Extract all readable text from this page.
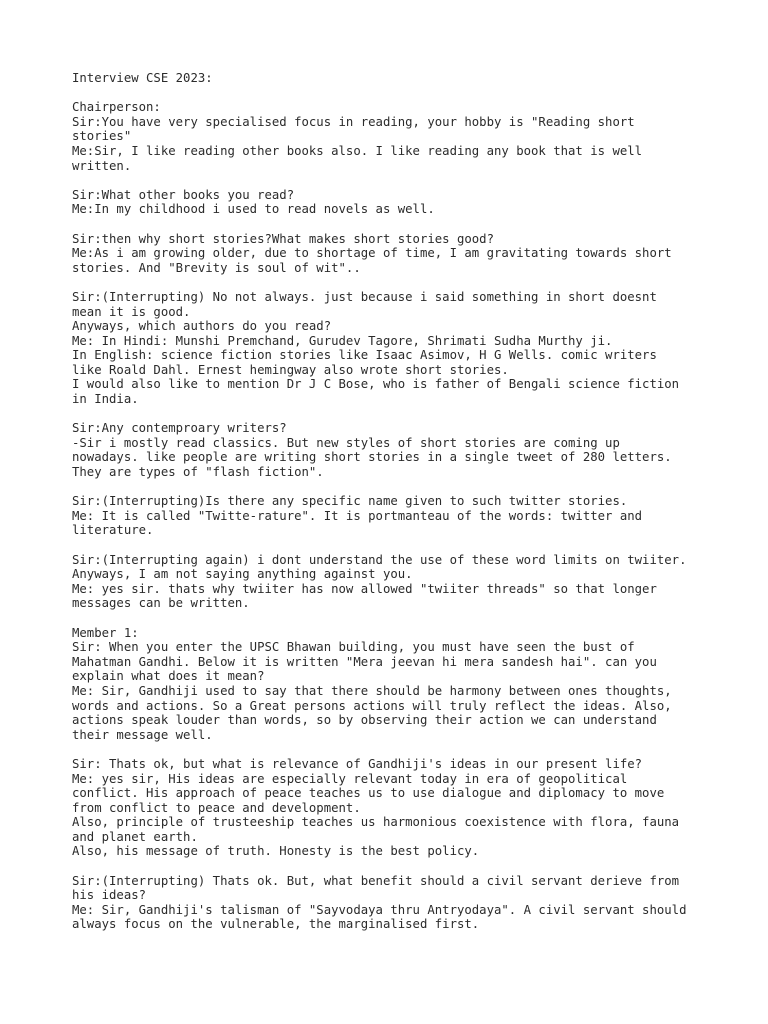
Interview CSE 2023:
Chairperson:
Sir:You have very specialised focus in reading, your hobby is "Reading short
stories"
Me:Sir, I like reading other books also. I like reading any book that is well
written.
Sir:What other books you read?
Me:In my childhood i used to read novels as well.
Sir:then why short stories?What makes short stories good?
Me:As i am growing older, due to shortage of time, I am gravitating towards short
stories. And "Brevity is soul of wit"..
Sir:(Interrupting) No not always. just because i said something in short doesnt
mean it is good.
Anyways, which authors do you read?
Me: In Hindi: Munshi Premchand, Gurudev Tagore, Shrimati Sudha Murthy ji.
In English: science fiction stories like Isaac Asimov, H G Wells. comic writers
like Roald Dahl. Ernest hemingway also wrote short stories.
I would also like to mention Dr J C Bose, who is father of Bengali science fiction
in India.
Sir:Any contemproary writers?
-Sir i mostly read classics. But new styles of short stories are coming up
nowadays. like people are writing short stories in a single tweet of 280 letters.
They are types of "flash fiction".
Sir:(Interrupting)Is there any specific name given to such twitter stories.
Me: It is called "Twitte-rature". It is portmanteau of the words: twitter and
literature.
Sir:(Interrupting again) i dont understand the use of these word limits on twiiter.
Anyways, I am not saying anything against you.
Me: yes sir. thats why twiiter has now allowed "twiiter threads" so that longer
messages can be written.
Member 1:
Sir: When you enter the UPSC Bhawan building, you must have seen the bust of
Mahatman Gandhi. Below it is written "Mera jeevan hi mera sandesh hai". can you
explain what does it mean?
Me: Sir, Gandhiji used to say that there should be harmony between ones thoughts,
words and actions. So a Great persons actions will truly reflect the ideas. Also,
actions speak louder than words, so by observing their action we can understand
their message well.
Sir: Thats ok, but what is relevance of Gandhiji's ideas in our present life?
Me: yes sir, His ideas are especially relevant today in era of geopolitical
conflict. His approach of peace teaches us to use dialogue and diplomacy to move
from conflict to peace and development.
Also, principle of trusteeship teaches us harmonious coexistence with flora, fauna
and planet earth.
Also, his message of truth. Honesty is the best policy.
Sir:(Interrupting) Thats ok. But, what benefit should a civil servant derieve from
his ideas?
Me: Sir, Gandhiji's talisman of "Sayvodaya thru Antryodaya". A civil servant should
always focus on the vulnerable, the marginalised first.
